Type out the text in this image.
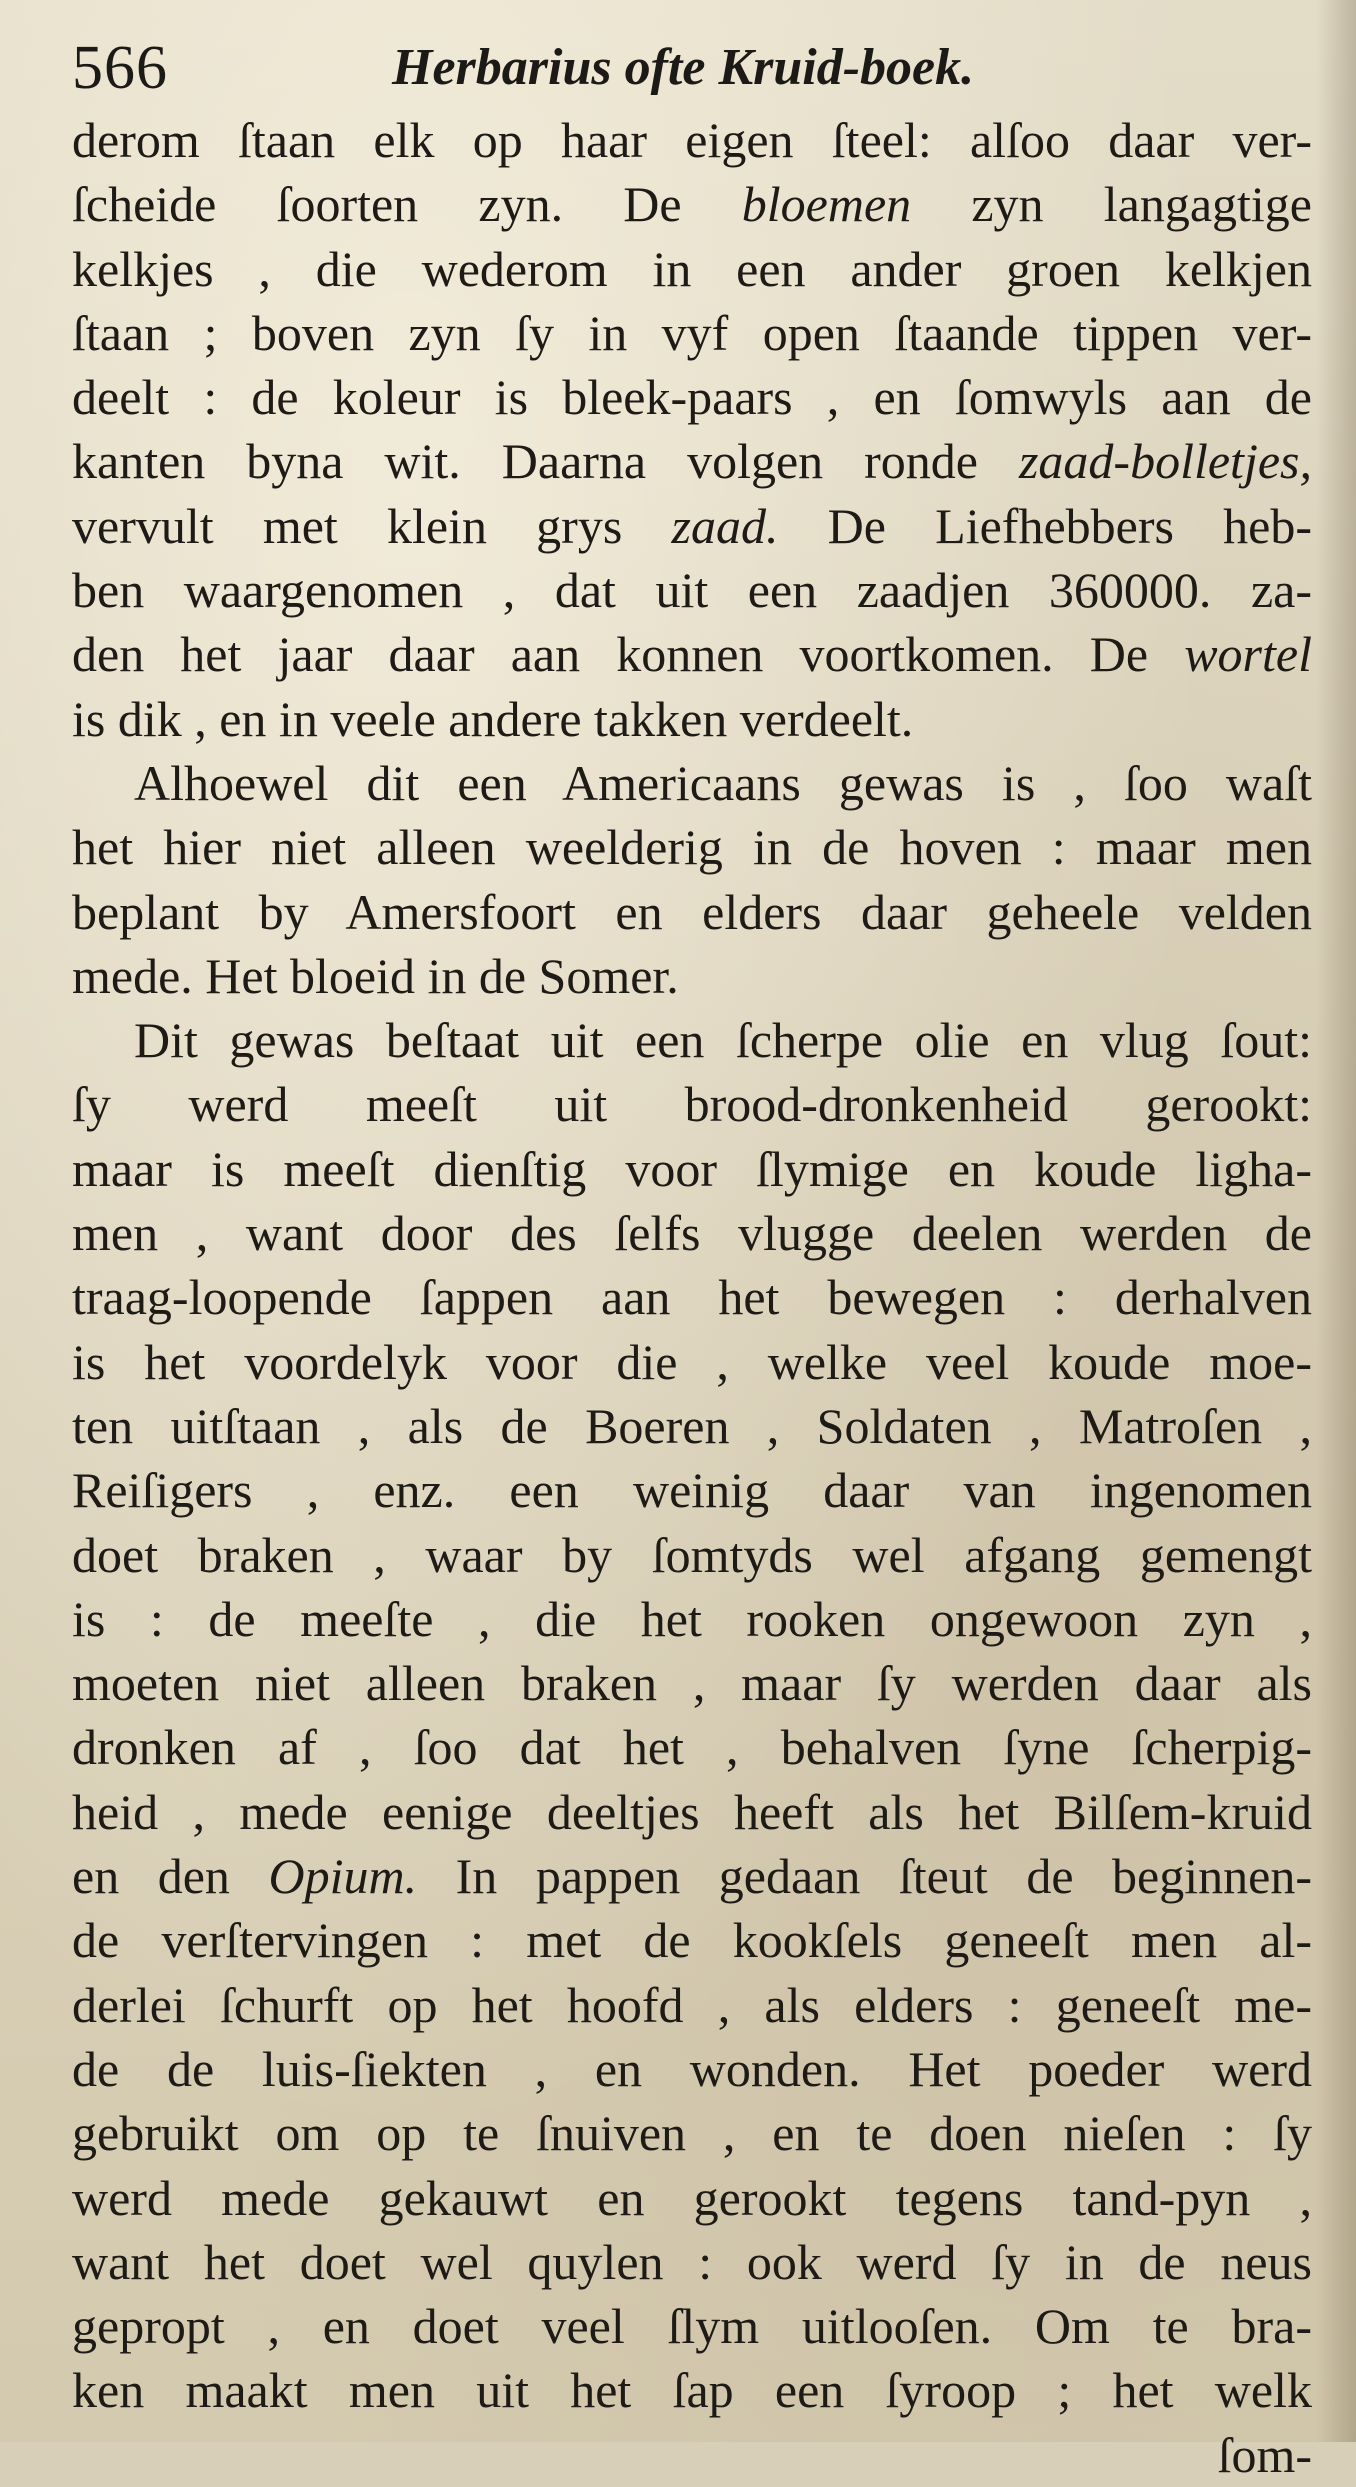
566	Herbarius ofte Kruid-boek.
derom ſtaan elk op haar eigen ſteel: alſoo daar ver-
ſcheide ſoorten zyn. De bloemen zyn langagtige
kelkjes , die wederom in een ander groen kelkjen
ſtaan ; boven zyn ſy in vyf open ſtaande tippen ver-
deelt : de koleur is bleek-paars , en ſomwyls aan de
kanten byna wit. Daarna volgen ronde zaad-bolletjes,
vervult met klein grys zaad. De Liefhebbers heb-
ben waargenomen , dat uit een zaadjen 360000. za-
den het jaar daar aan konnen voortkomen. De wortel
is dik , en in veele andere takken verdeelt.
Alhoewel dit een Americaans gewas is , ſoo waſt
het hier niet alleen weelderig in de hoven : maar men
beplant by Amersfoort en elders daar geheele velden
mede. Het bloeid in de Somer.
Dit gewas beſtaat uit een ſcherpe olie en vlug ſout:
ſy werd meeſt uit brood-dronkenheid gerookt:
maar is meeſt dienſtig voor ſlymige en koude ligha-
men , want door des ſelfs vlugge deelen werden de
traag-loopende ſappen aan het bewegen : derhalven
is het voordelyk voor die , welke veel koude moe-
ten uitſtaan , als de Boeren , Soldaten , Matroſen ,
Reiſigers , enz. een weinig daar van ingenomen
doet braken , waar by ſomtyds wel afgang gemengt
is : de meeſte , die het rooken ongewoon zyn ,
moeten niet alleen braken , maar ſy werden daar als
dronken af , ſoo dat het , behalven ſyne ſcherpig-
heid , mede eenige deeltjes heeft als het Bilſem-kruid
en den Opium. In pappen gedaan ſteut de beginnen-
de verſtervingen : met de kookſels geneeſt men al-
derlei ſchurft op het hoofd , als elders : geneeſt me-
de de luis-ſiekten , en wonden. Het poeder werd
gebruikt om op te ſnuiven , en te doen nieſen : ſy
werd mede gekauwt en gerookt tegens tand-pyn ,
want het doet wel quylen : ook werd ſy in de neus
gepropt , en doet veel ſlym uitlooſen. Om te bra-
ken maakt men uit het ſap een ſyroop ; het welk
ſom-
